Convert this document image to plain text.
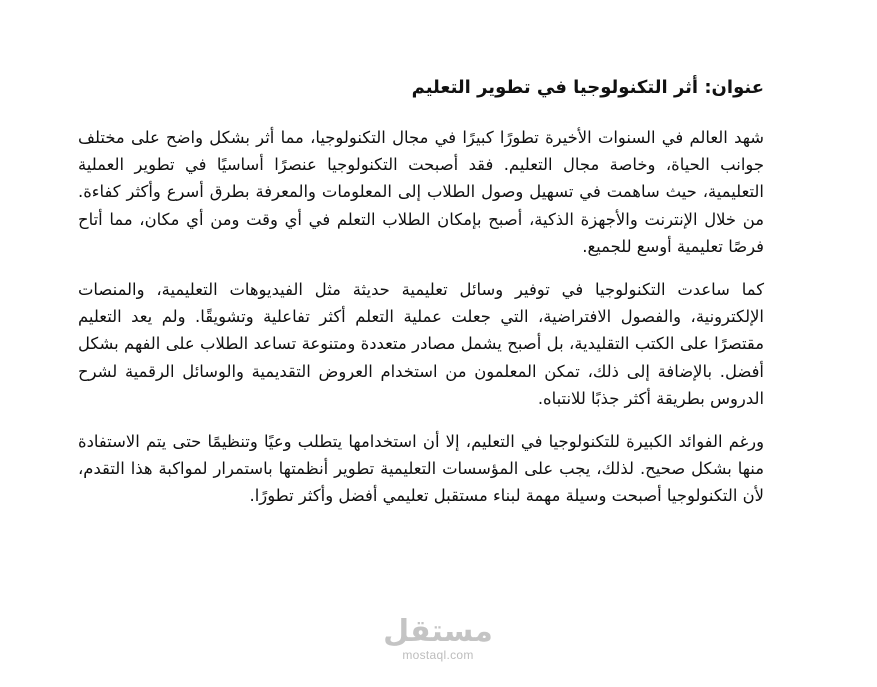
عنوان: أثر التكنولوجيا في تطوير التعليم

شهد العالم في السنوات الأخيرة تطورًا كبيرًا في مجال التكنولوجيا، مما أثر بشكل واضح على مختلف جوانب الحياة، وخاصة مجال التعليم. فقد أصبحت التكنولوجيا عنصرًا أساسيًا في تطوير العملية التعليمية، حيث ساهمت في تسهيل وصول الطلاب إلى المعلومات والمعرفة بطرق أسرع وأكثر كفاءة. من خلال الإنترنت والأجهزة الذكية، أصبح بإمكان الطلاب التعلم في أي وقت ومن أي مكان، مما أتاح فرصًا تعليمية أوسع للجميع.

كما ساعدت التكنولوجيا في توفير وسائل تعليمية حديثة مثل الفيديوهات التعليمية، والمنصات الإلكترونية، والفصول الافتراضية، التي جعلت عملية التعلم أكثر تفاعلية وتشويقًا. ولم يعد التعليم مقتصرًا على الكتب التقليدية، بل أصبح يشمل مصادر متعددة ومتنوعة تساعد الطلاب على الفهم بشكل أفضل. بالإضافة إلى ذلك، تمكن المعلمون من استخدام العروض التقديمية والوسائل الرقمية لشرح الدروس بطريقة أكثر جذبًا للانتباه.

ورغم الفوائد الكبيرة للتكنولوجيا في التعليم، إلا أن استخدامها يتطلب وعيًا وتنظيمًا حتى يتم الاستفادة منها بشكل صحيح. لذلك، يجب على المؤسسات التعليمية تطوير أنظمتها باستمرار لمواكبة هذا التقدم، لأن التكنولوجيا أصبحت وسيلة مهمة لبناء مستقبل تعليمي أفضل وأكثر تطورًا.

مستقل
mostaql.com
